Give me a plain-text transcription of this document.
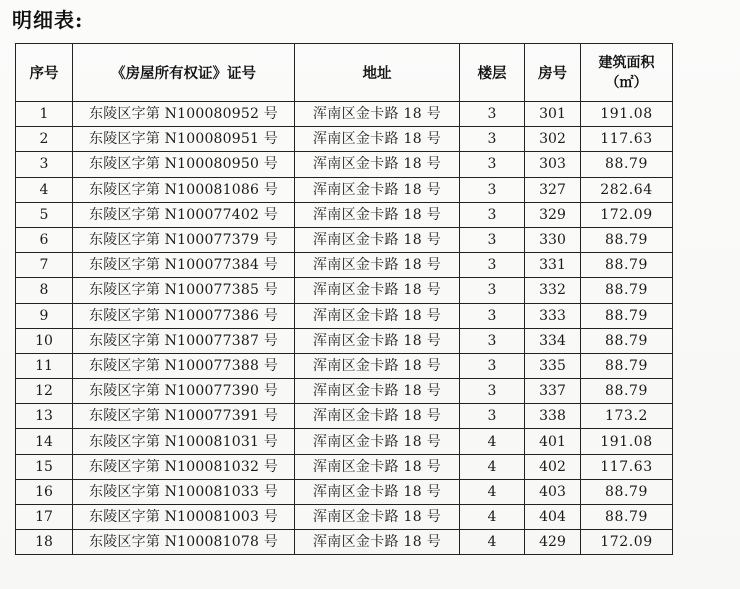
明细表:
序号	《房屋所有权证》证号	地址	楼层	房号	建筑面积
（㎡）

1	东陵区字第 N100080952 号	浑南区金卡路 18 号	3	301	191.08
2	东陵区字第 N100080951 号	浑南区金卡路 18 号	3	302	117.63
3	东陵区字第 N100080950 号	浑南区金卡路 18 号	3	303	88.79
4	东陵区字第 N100081086 号	浑南区金卡路 18 号	3	327	282.64
5	东陵区字第 N100077402 号	浑南区金卡路 18 号	3	329	172.09
6	东陵区字第 N100077379 号	浑南区金卡路 18 号	3	330	88.79
7	东陵区字第 N100077384 号	浑南区金卡路 18 号	3	331	88.79
8	东陵区字第 N100077385 号	浑南区金卡路 18 号	3	332	88.79
9	东陵区字第 N100077386 号	浑南区金卡路 18 号	3	333	88.79
10	东陵区字第 N100077387 号	浑南区金卡路 18 号	3	334	88.79
11	东陵区字第 N100077388 号	浑南区金卡路 18 号	3	335	88.79
12	东陵区字第 N100077390 号	浑南区金卡路 18 号	3	337	88.79
13	东陵区字第 N100077391 号	浑南区金卡路 18 号	3	338	173.2
14	东陵区字第 N100081031 号	浑南区金卡路 18 号	4	401	191.08
15	东陵区字第 N100081032 号	浑南区金卡路 18 号	4	402	117.63
16	东陵区字第 N100081033 号	浑南区金卡路 18 号	4	403	88.79
17	东陵区字第 N100081003 号	浑南区金卡路 18 号	4	404	88.79
18	东陵区字第 N100081078 号	浑南区金卡路 18 号	4	429	172.09
